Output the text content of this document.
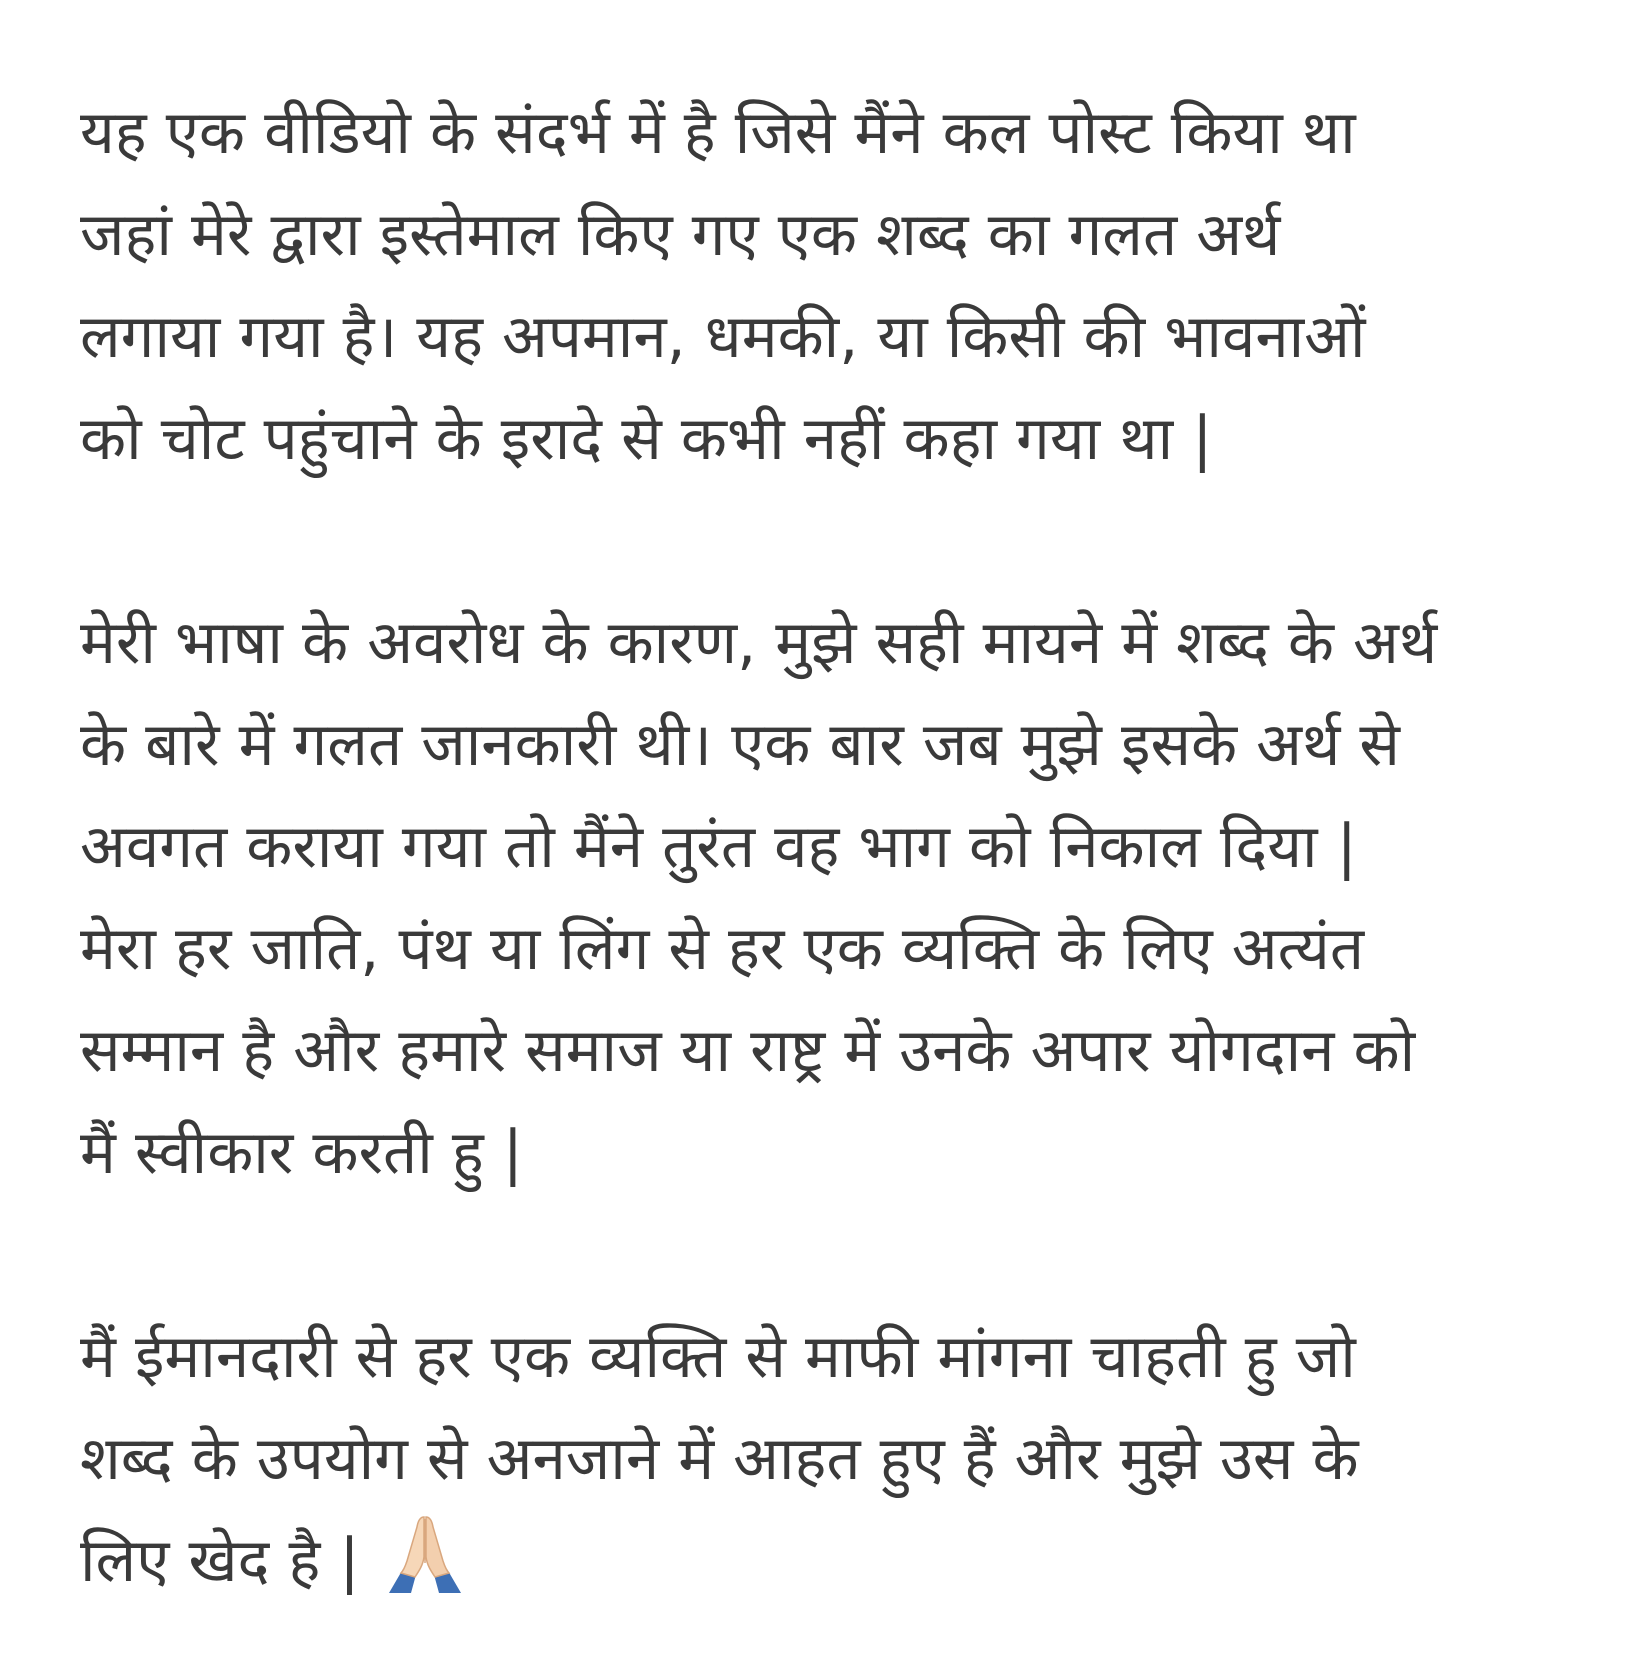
यह एक वीडियो के संदर्भ में है जिसे मैंने कल पोस्ट किया था
जहां मेरे द्वारा इस्तेमाल किए गए एक शब्द का गलत अर्थ
लगाया गया है। यह अपमान, धमकी, या किसी की भावनाओं
को चोट पहुंचाने के इरादे से कभी नहीं कहा गया था |

मेरी भाषा के अवरोध के कारण, मुझे सही मायने में शब्द के अर्थ
के बारे में गलत जानकारी थी। एक बार जब मुझे इसके अर्थ से
अवगत कराया गया तो मैंने तुरंत वह भाग को निकाल दिया |
मेरा हर जाति, पंथ या लिंग से हर एक व्यक्ति के लिए अत्यंत
सम्मान है और हमारे समाज या राष्ट्र में उनके अपार योगदान को
मैं स्वीकार करती हु |

मैं ईमानदारी से हर एक व्यक्ति से माफी मांगना चाहती हु जो
शब्द के उपयोग से अनजाने में आहत हुए हैं और मुझे उस के
लिए खेद है |
